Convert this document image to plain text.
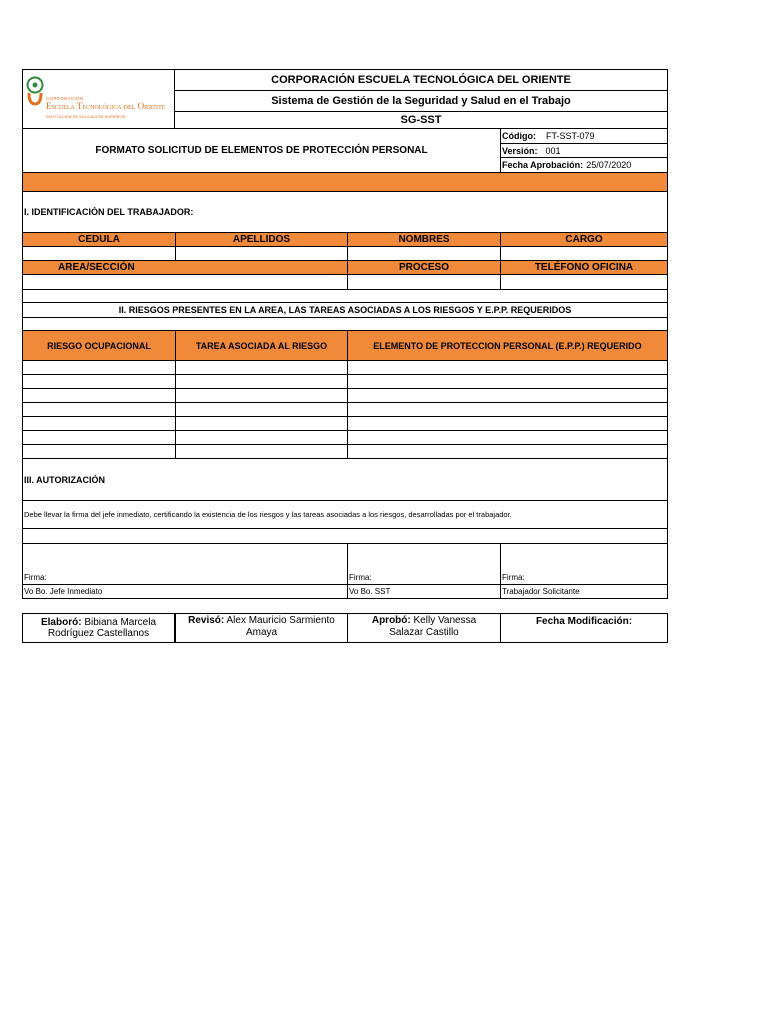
CORPORACIÓN
Escuela Tecnológica del Oriente
INSTITUCIÓN DE EDUCACIÓN SUPERIOR
CORPORACIÓN ESCUELA TECNOLÓGICA DEL ORIENTE
Sistema de Gestión de la Seguridad y Salud en el Trabajo
SG-SST
FORMATO SOLICITUD DE ELEMENTOS DE PROTECCIÓN PERSONAL
Código: FT-SST-079
Versión: 001
Fecha Aprobación: 25/07/2020
I. IDENTIFICACIÒN DEL TRABAJADOR:
CEDULA	APELLIDOS	NOMBRES	CARGO
AREA/SECCIÓN	PROCESO	TELÉFONO OFICINA
II. RIESGOS PRESENTES EN LA AREA, LAS TAREAS ASOCIADAS A LOS RIESGOS Y E.P.P. REQUERIDOS
RIESGO OCUPACIONAL	TAREA ASOCIADA AL RIESGO	ELEMENTO DE PROTECCION PERSONAL (E.P.P.) REQUERIDO
III. AUTORIZACIÓN
Debe llevar la firma del jefe inmediato, certificando la existencia de los riesgos y las tareas asociadas a los riesgos, desarrolladas por el trabajador.
Firma:	Firma:	Firma:
Vo Bo. Jefe Inmediato	Vo Bo. SST	Trabajador Solicitante
Elaboró: Bibiana Marcela Rodríguez Castellanos
Revisó: Alex Mauricio Sarmiento Amaya
Aprobó: Kelly Vanessa Salazar Castillo
Fecha Modificación:
